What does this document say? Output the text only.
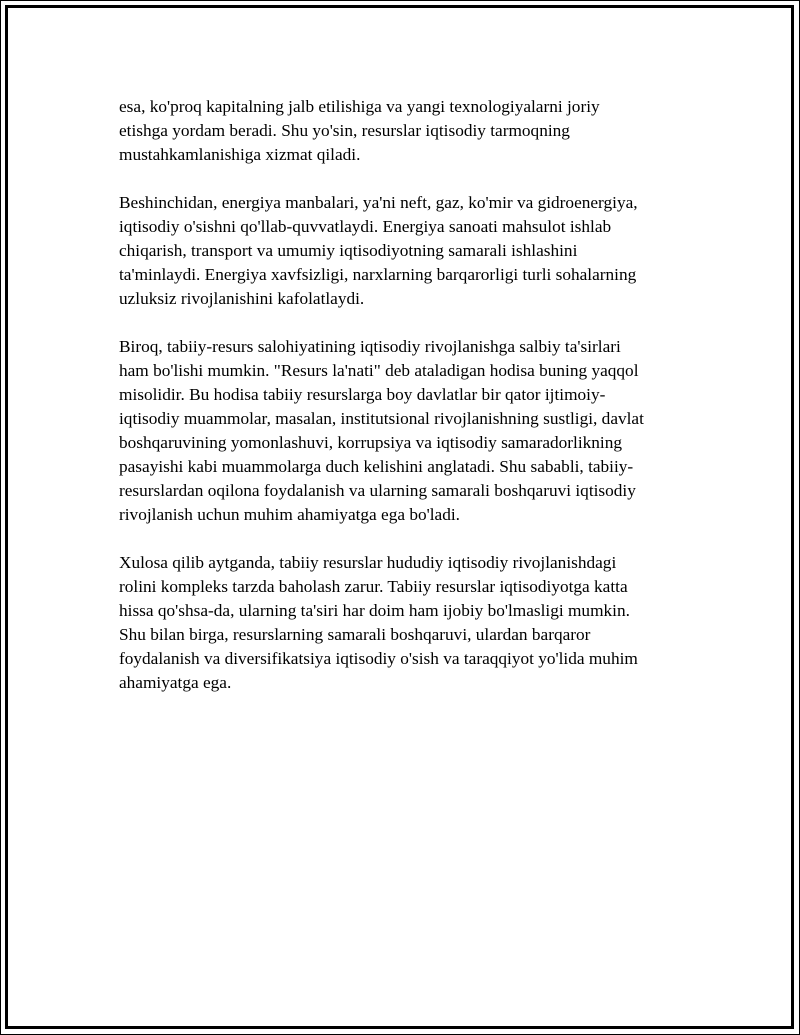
esa, ko'proq kapitalning jalb etilishiga va yangi texnologiyalarni joriy
etishga yordam beradi. Shu yo'sin, resurslar iqtisodiy tarmoqning
mustahkamlanishiga xizmat qiladi.

Beshinchidan, energiya manbalari, ya'ni neft, gaz, ko'mir va gidroenergiya,
iqtisodiy o'sishni qo'llab-quvvatlaydi. Energiya sanoati mahsulot ishlab
chiqarish, transport va umumiy iqtisodiyotning samarali ishlashini
ta'minlaydi. Energiya xavfsizligi, narxlarning barqarorligi turli sohalarning
uzluksiz rivojlanishini kafolatlaydi.

Biroq, tabiiy-resurs salohiyatining iqtisodiy rivojlanishga salbiy ta'sirlari
ham bo'lishi mumkin. "Resurs la'nati" deb ataladigan hodisa buning yaqqol
misolidir. Bu hodisa tabiiy resurslarga boy davlatlar bir qator ijtimoiy-
iqtisodiy muammolar, masalan, institutsional rivojlanishning sustligi, davlat
boshqaruvining yomonlashuvi, korrupsiya va iqtisodiy samaradorlikning
pasayishi kabi muammolarga duch kelishini anglatadi. Shu sababli, tabiiy-
resurslardan oqilona foydalanish va ularning samarali boshqaruvi iqtisodiy
rivojlanish uchun muhim ahamiyatga ega bo'ladi.

Xulosa qilib aytganda, tabiiy resurslar hududiy iqtisodiy rivojlanishdagi
rolini kompleks tarzda baholash zarur. Tabiiy resurslar iqtisodiyotga katta
hissa qo'shsa-da, ularning ta'siri har doim ham ijobiy bo'lmasligi mumkin.
Shu bilan birga, resurslarning samarali boshqaruvi, ulardan barqaror
foydalanish va diversifikatsiya iqtisodiy o'sish va taraqqiyot yo'lida muhim
ahamiyatga ega.
